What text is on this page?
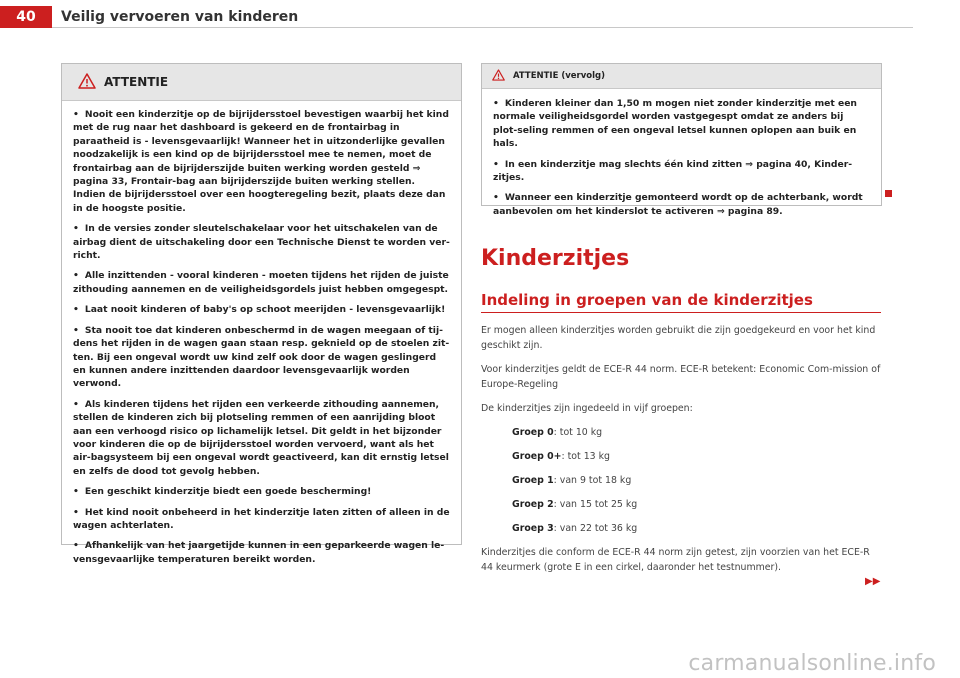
40	Veilig vervoeren van kinderen
ATTENTIE

• Nooit een kinderzitje op de bijrijdersstoel bevestigen waarbij het kind met de rug naar het dashboard is gekeerd en de frontairbag in paraatheid is - levensgevaarlijk! Wanneer het in uitzonderlijke gevallen noodzakelijk is een kind op de bijrijdersstoel mee te nemen, moet de frontairbag aan de bijrijderszijde buiten werking worden gesteld ⇒ pagina 33, Frontair-bag aan bijrijderszijde buiten werking stellen. Indien de bijrijdersstoel over een hoogteregeling bezit, plaats deze dan in de hoogste positie.

• In de versies zonder sleutelschakelaar voor het uitschakelen van de airbag dient de uitschakeling door een Technische Dienst te worden ver-richt.

• Alle inzittenden - vooral kinderen - moeten tijdens het rijden de juiste zithouding aannemen en de veiligheidsgordels juist hebben omgegespt.

• Laat nooit kinderen of baby's op schoot meerijden - levensgevaarlijk!

• Sta nooit toe dat kinderen onbeschermd in de wagen meegaan of tij-dens het rijden in de wagen gaan staan resp. geknield op de stoelen zit-ten. Bij een ongeval wordt uw kind zelf ook door de wagen geslingerd en kunnen andere inzittenden daardoor levensgevaarlijk worden verwond.

• Als kinderen tijdens het rijden een verkeerde zithouding aannemen, stellen de kinderen zich bij plotseling remmen of een aanrijding bloot aan een verhoogd risico op lichamelijk letsel. Dit geldt in het bijzonder voor kinderen die op de bijrijdersstoel worden vervoerd, want als het air-bagsysteem bij een ongeval wordt geactiveerd, kan dit ernstig letsel en zelfs de dood tot gevolg hebben.

• Een geschikt kinderzitje biedt een goede bescherming!

• Het kind nooit onbeheerd in het kinderzitje laten zitten of alleen in de wagen achterlaten.

• Afhankelijk van het jaargetijde kunnen in een geparkeerde wagen le-vensgevaarlijke temperaturen bereikt worden.

ATTENTIE (vervolg)

• Kinderen kleiner dan 1,50 m mogen niet zonder kinderzitje met een normale veiligheidsgordel worden vastgegespt omdat ze anders bij plot-seling remmen of een ongeval letsel kunnen oplopen aan buik en hals.

• In een kinderzitje mag slechts één kind zitten ⇒ pagina 40, Kinder-zitjes.

• Wanneer een kinderzitje gemonteerd wordt op de achterbank, wordt aanbevolen om het kinderslot te activeren ⇒ pagina 89.

Kinderzitjes
Indeling in groepen van de kinderzitjes

Er mogen alleen kinderzitjes worden gebruikt die zijn goedgekeurd en voor het kind geschikt zijn.

Voor kinderzitjes geldt de ECE-R 44 norm. ECE-R betekent: Economic Com-mission of Europe-Regeling

De kinderzitjes zijn ingedeeld in vijf groepen:

Groep 0: tot 10 kg
Groep 0+: tot 13 kg
Groep 1: van 9 tot 18 kg
Groep 2: van 15 tot 25 kg
Groep 3: van 22 tot 36 kg

Kinderzitjes die conform de ECE-R 44 norm zijn getest, zijn voorzien van het ECE-R 44 keurmerk (grote E in een cirkel, daaronder het testnummer).

▶▶
carmanualsonline.info
